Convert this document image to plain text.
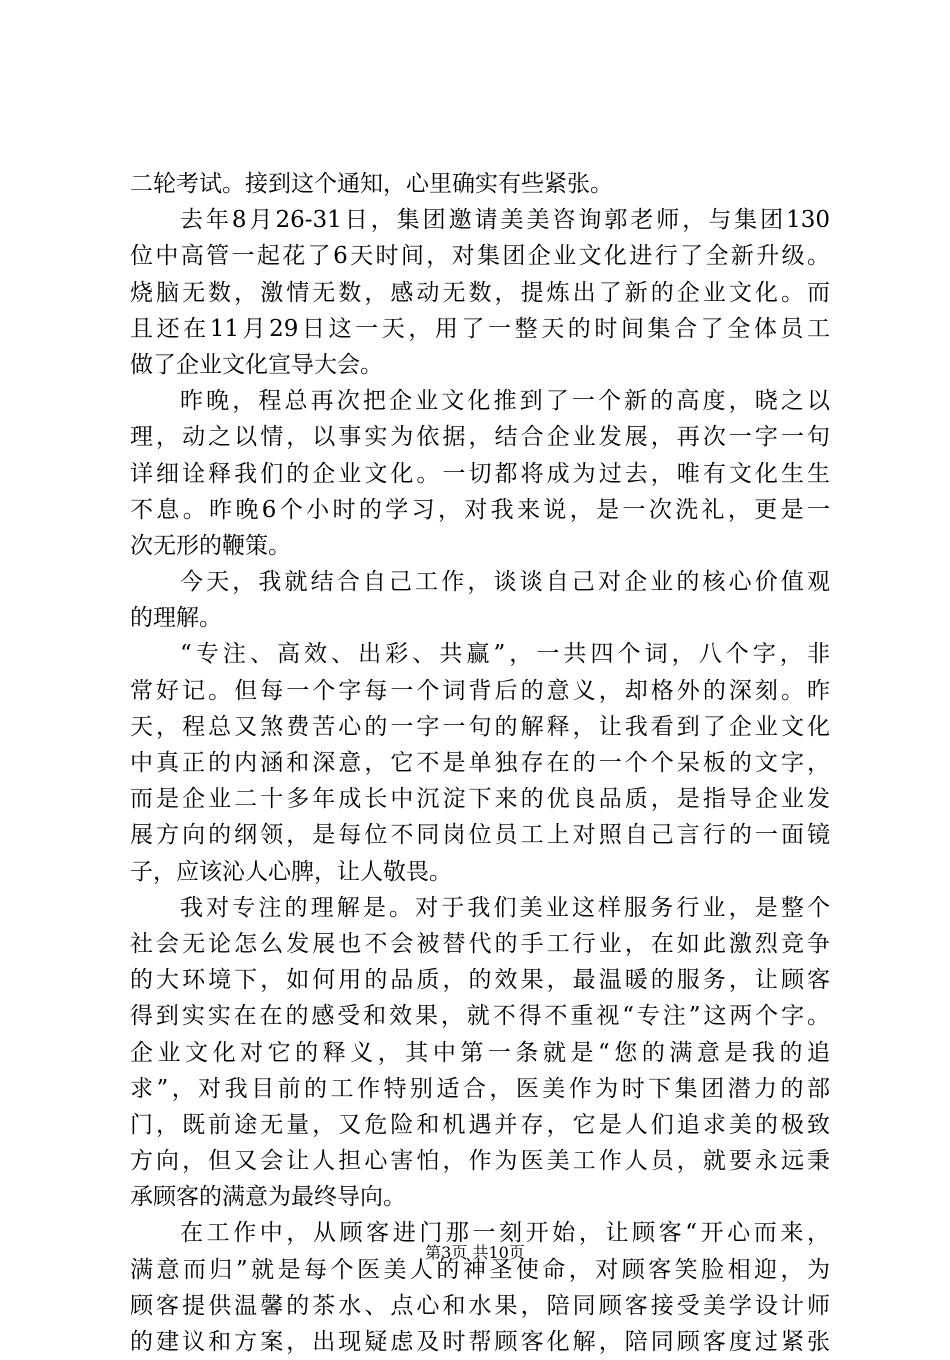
二轮考试。接到这个通知，心里确实有些紧张。
去年8月26-31日，集团邀请美美咨询郭老师，与集团130
位中高管一起花了6天时间，对集团企业文化进行了全新升级。
烧脑无数，激情无数，感动无数，提炼出了新的企业文化。而
且还在11月29日这一天，用了一整天的时间集合了全体员工
做了企业文化宣导大会。
昨晚，程总再次把企业文化推到了一个新的高度，晓之以
理，动之以情，以事实为依据，结合企业发展，再次一字一句
详细诠释我们的企业文化。一切都将成为过去，唯有文化生生
不息。昨晚6个小时的学习，对我来说，是一次洗礼，更是一
次无形的鞭策。
今天，我就结合自己工作，谈谈自己对企业的核心价值观
的理解。
“专注、高效、出彩、共赢”，一共四个词，八个字，非
常好记。但每一个字每一个词背后的意义，却格外的深刻。昨
天，程总又煞费苦心的一字一句的解释，让我看到了企业文化
中真正的内涵和深意，它不是单独存在的一个个呆板的文字，
而是企业二十多年成长中沉淀下来的优良品质，是指导企业发
展方向的纲领，是每位不同岗位员工上对照自己言行的一面镜
子，应该沁人心脾，让人敬畏。
我对专注的理解是。对于我们美业这样服务行业，是整个
社会无论怎么发展也不会被替代的手工行业，在如此激烈竞争
的大环境下，如何用的品质，的效果，最温暖的服务，让顾客
得到实实在在的感受和效果，就不得不重视“专注”这两个字。
企业文化对它的释义，其中第一条就是“您的满意是我的追
求”，对我目前的工作特别适合，医美作为时下集团潜力的部
门，既前途无量，又危险和机遇并存，它是人们追求美的极致
方向，但又会让人担心害怕，作为医美工作人员，就要永远秉
承顾客的满意为最终导向。
在工作中，从顾客进门那一刻开始，让顾客“开心而来，
满意而归”就是每个医美人的神圣使命，对顾客笑脸相迎，为
顾客提供温馨的茶水、点心和水果，陪同顾客接受美学设计师
的建议和方案，出现疑虑及时帮顾客化解，陪同顾客度过紧张
第3页 共10页
